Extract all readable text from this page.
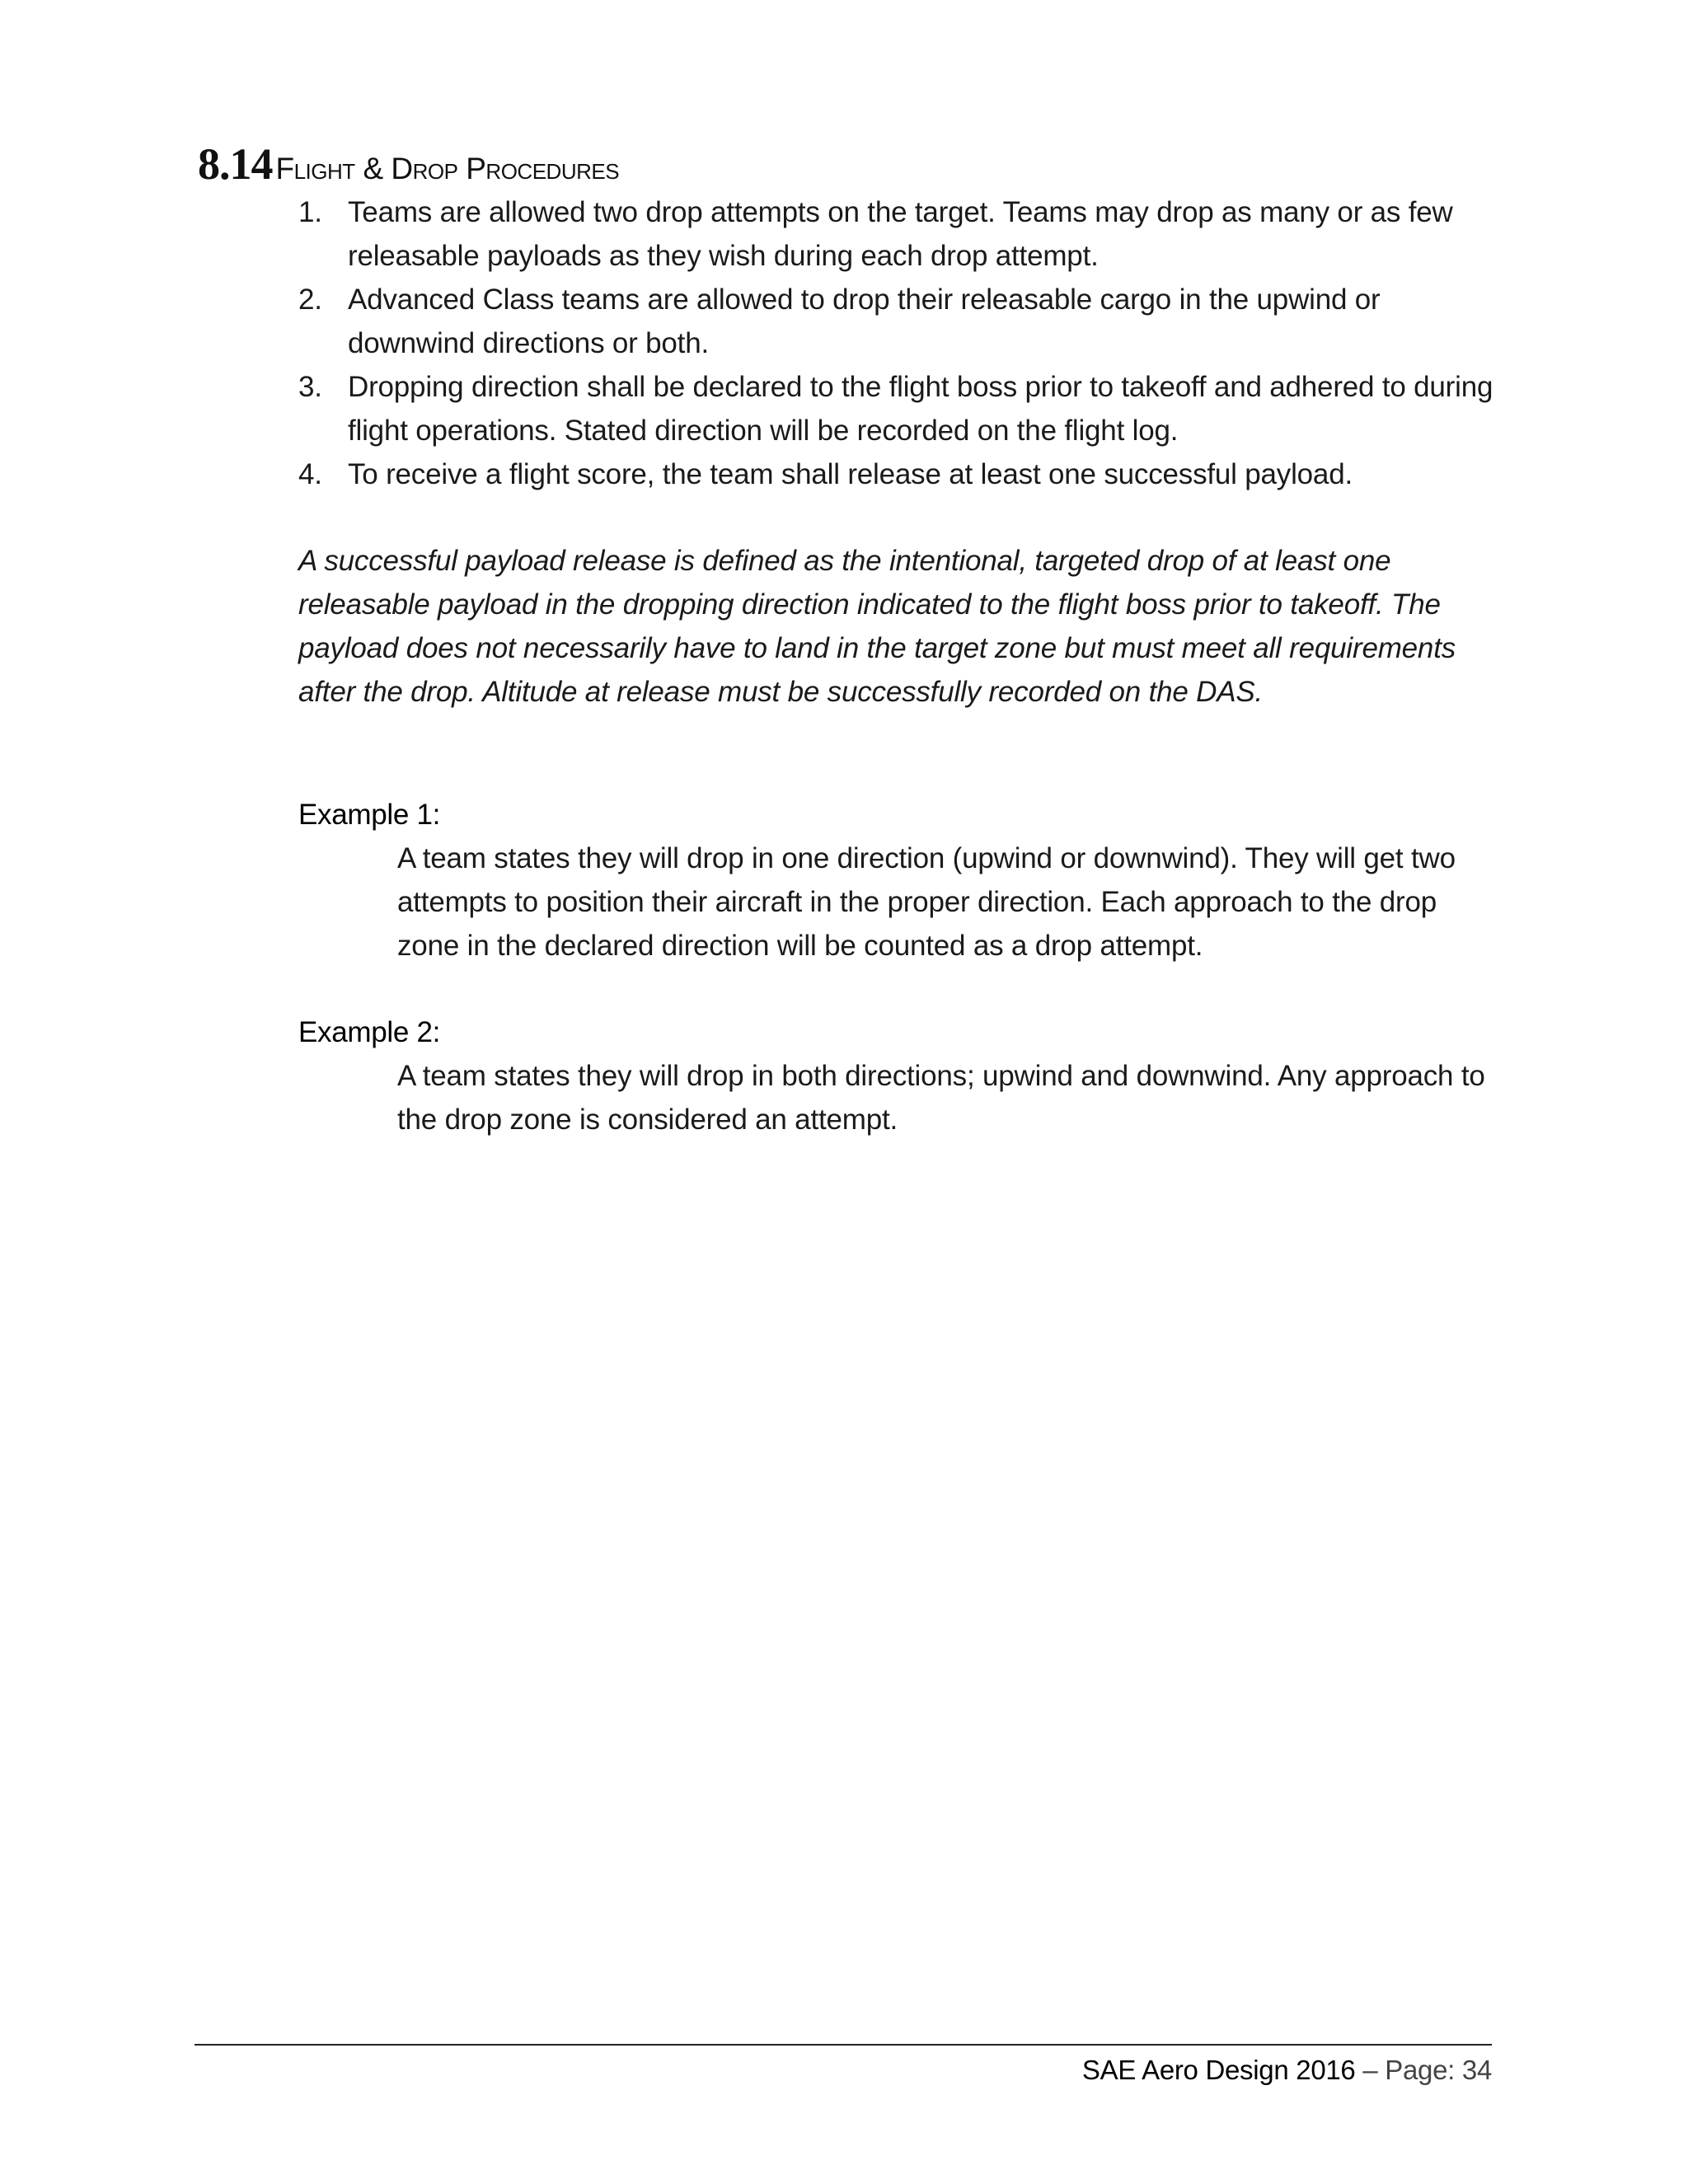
8.14 Flight & Drop Procedures
1. Teams are allowed two drop attempts on the target. Teams may drop as many or as few releasable payloads as they wish during each drop attempt.
2. Advanced Class teams are allowed to drop their releasable cargo in the upwind or downwind directions or both.
3. Dropping direction shall be declared to the flight boss prior to takeoff and adhered to during flight operations. Stated direction will be recorded on the flight log.
4. To receive a flight score, the team shall release at least one successful payload.

A successful payload release is defined as the intentional, targeted drop of at least one releasable payload in the dropping direction indicated to the flight boss prior to takeoff. The payload does not necessarily have to land in the target zone but must meet all requirements after the drop. Altitude at release must be successfully recorded on the DAS.

Example 1:

A team states they will drop in one direction (upwind or downwind). They will get two attempts to position their aircraft in the proper direction. Each approach to the drop zone in the declared direction will be counted as a drop attempt.

Example 2:

A team states they will drop in both directions; upwind and downwind. Any approach to the drop zone is considered an attempt.

SAE Aero Design 2016 – Page: 34
